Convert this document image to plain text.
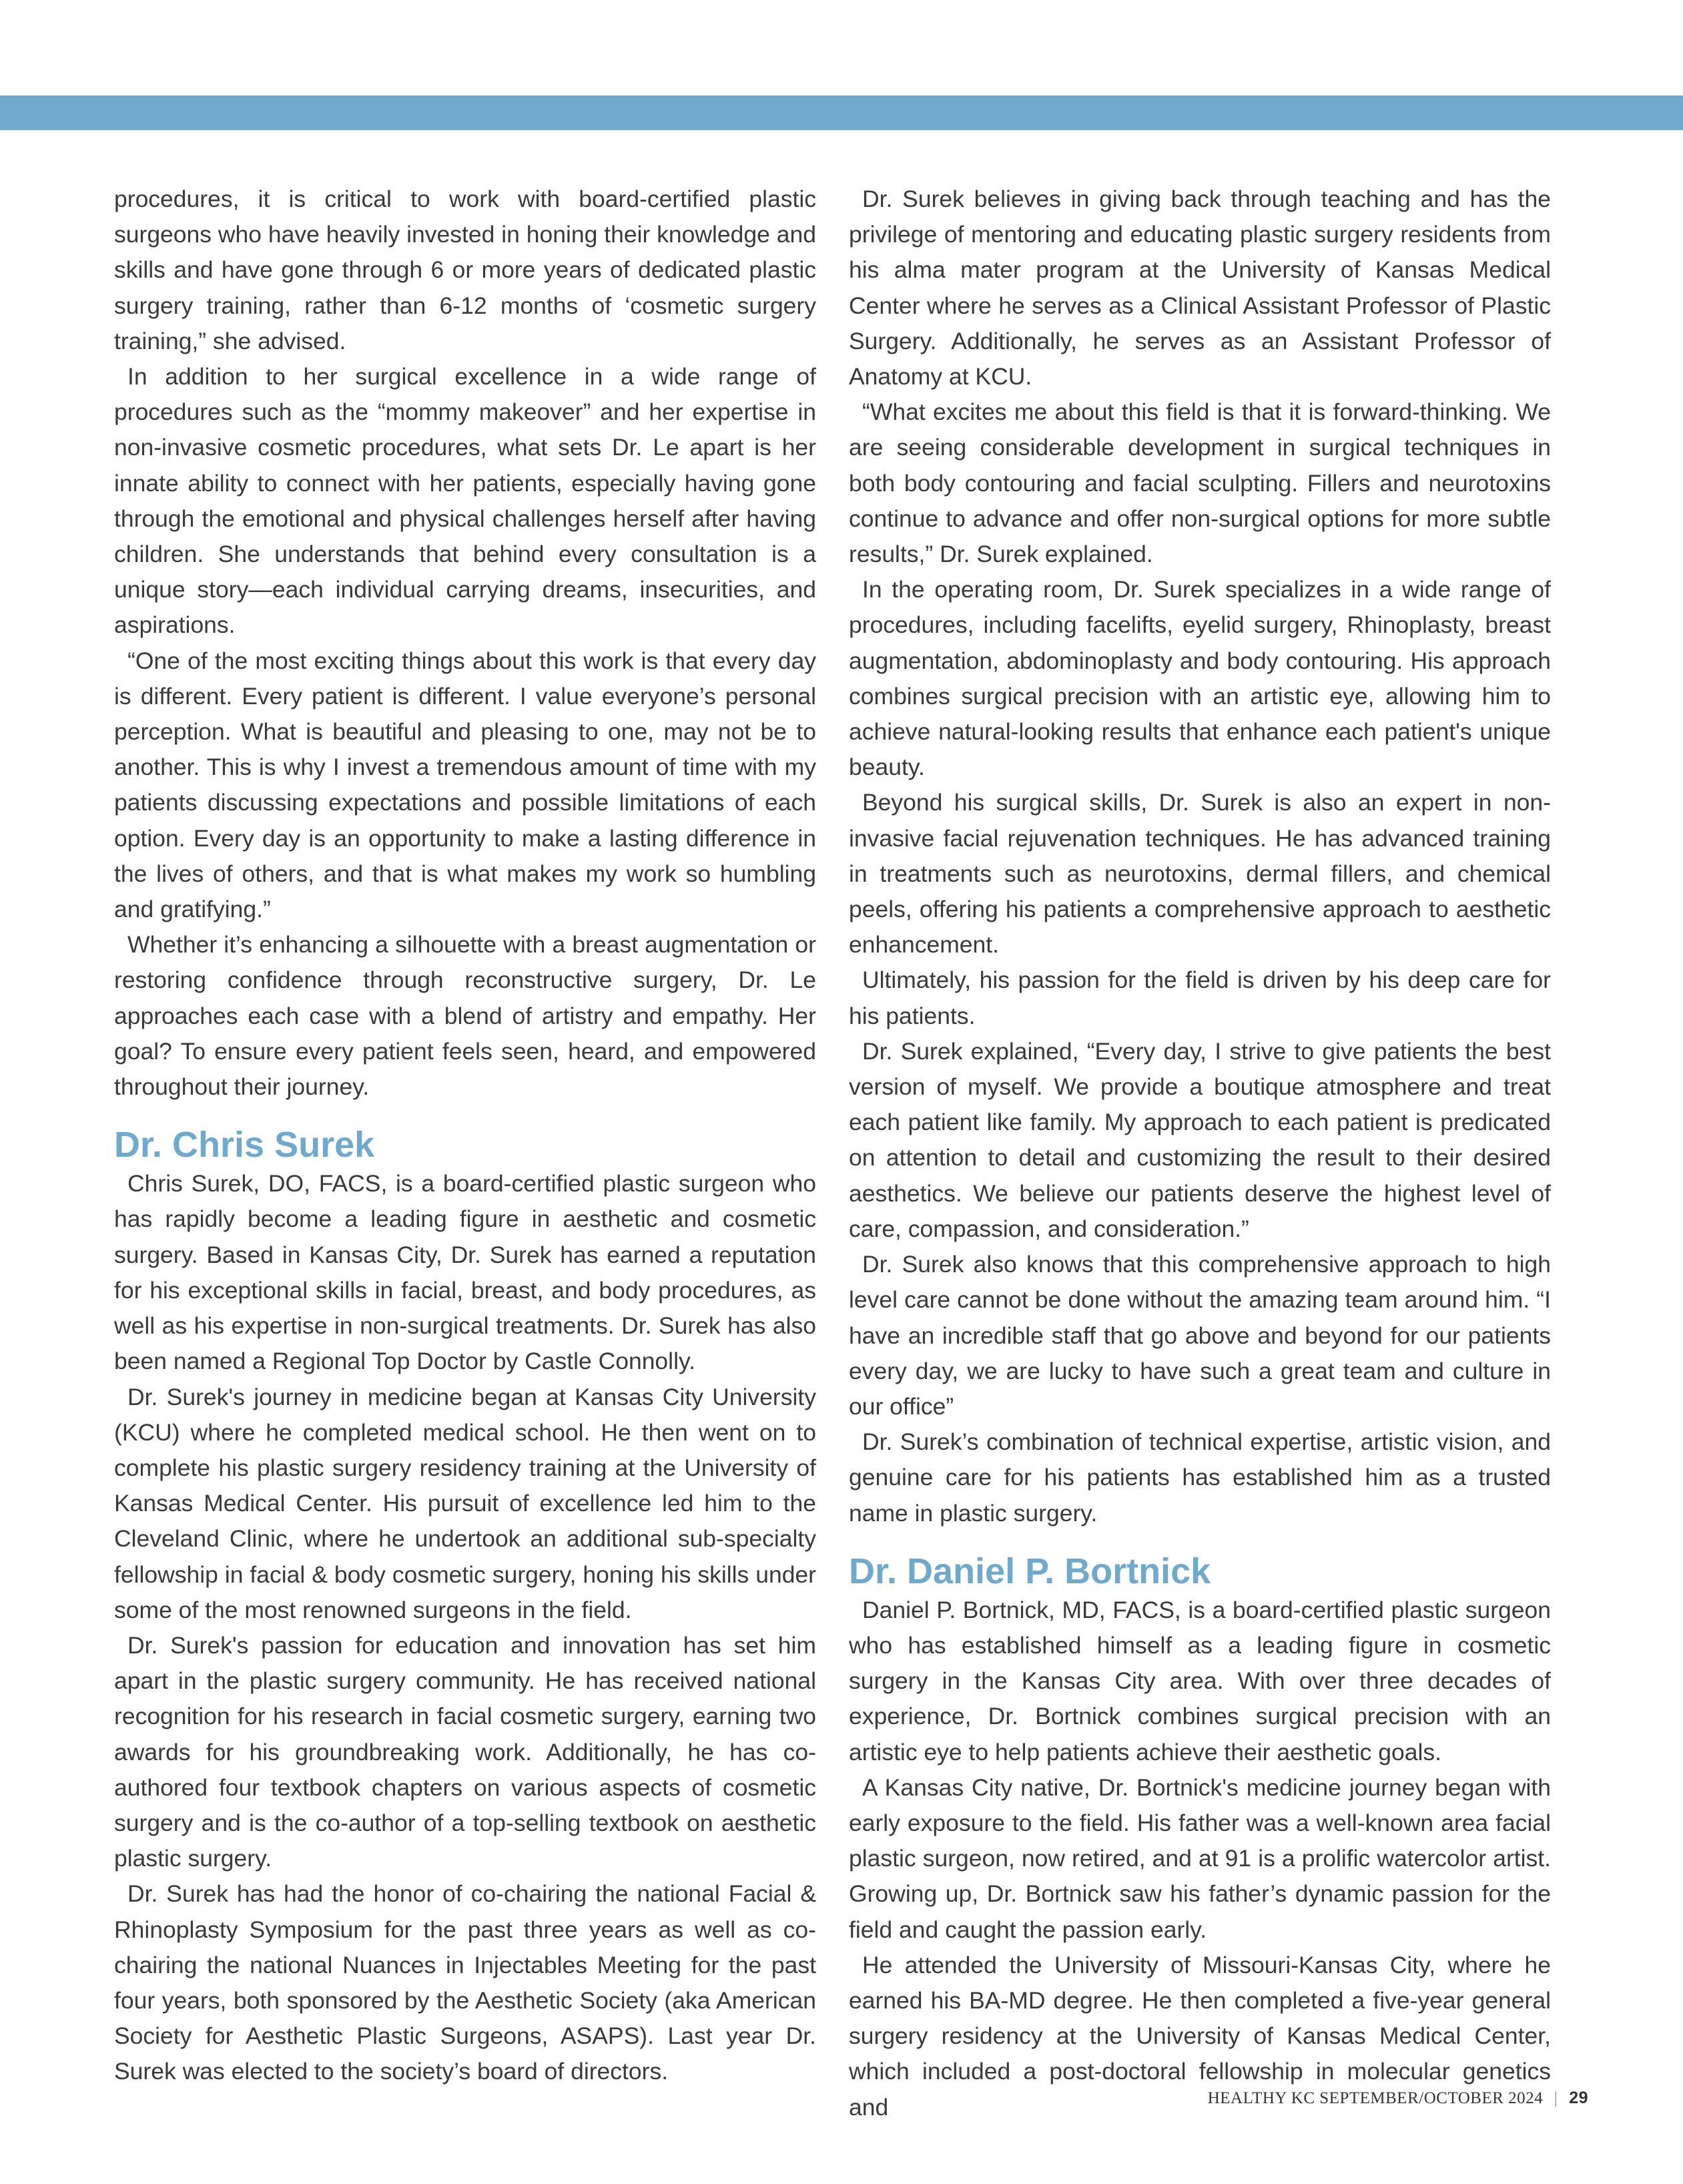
procedures, it is critical to work with board-certified plastic surgeons who have heavily invested in honing their knowledge and skills and have gone through 6 or more years of dedicated plastic surgery training, rather than 6-12 months of ‘cosmetic surgery training,” she advised.

In addition to her surgical excellence in a wide range of procedures such as the “mommy makeover” and her expertise in non-invasive cosmetic procedures, what sets Dr. Le apart is her innate ability to connect with her patients, especially having gone through the emotional and physical challenges herself after having children. She understands that behind every consultation is a unique story—each individual carrying dreams, insecurities, and aspirations.

“One of the most exciting things about this work is that every day is different. Every patient is different. I value everyone’s personal perception. What is beautiful and pleasing to one, may not be to another. This is why I invest a tremendous amount of time with my patients discussing expectations and possible limitations of each option. Every day is an opportunity to make a lasting difference in the lives of others, and that is what makes my work so humbling and gratifying.”

Whether it’s enhancing a silhouette with a breast augmentation or restoring confidence through reconstructive surgery, Dr. Le approaches each case with a blend of artistry and empathy. Her goal? To ensure every patient feels seen, heard, and empowered throughout their journey.

Dr. Chris Surek

Chris Surek, DO, FACS, is a board-certified plastic surgeon who has rapidly become a leading figure in aesthetic and cosmetic surgery. Based in Kansas City, Dr. Surek has earned a reputation for his exceptional skills in facial, breast, and body procedures, as well as his expertise in non-surgical treatments. Dr. Surek has also been named a Regional Top Doctor by Castle Connolly.

Dr. Surek's journey in medicine began at Kansas City University (KCU) where he completed medical school. He then went on to complete his plastic surgery residency training at the University of Kansas Medical Center. His pursuit of excellence led him to the Cleveland Clinic, where he undertook an additional sub-specialty fellowship in facial & body cosmetic surgery, honing his skills under some of the most renowned surgeons in the field.

Dr. Surek's passion for education and innovation has set him apart in the plastic surgery community. He has received national recognition for his research in facial cosmetic surgery, earning two awards for his groundbreaking work. Additionally, he has co-authored four textbook chapters on various aspects of cosmetic surgery and is the co-author of a top-selling textbook on aesthetic plastic surgery.

Dr. Surek has had the honor of co-chairing the national Facial & Rhinoplasty Symposium for the past three years as well as co-chairing the national Nuances in Injectables Meeting for the past four years, both sponsored by the Aesthetic Society (aka American Society for Aesthetic Plastic Surgeons, ASAPS). Last year Dr. Surek was elected to the society’s board of directors.

Dr. Surek believes in giving back through teaching and has the privilege of mentoring and educating plastic surgery residents from his alma mater program at the University of Kansas Medical Center where he serves as a Clinical Assistant Professor of Plastic Surgery. Additionally, he serves as an Assistant Professor of Anatomy at KCU.

“What excites me about this field is that it is forward-thinking. We are seeing considerable development in surgical techniques in both body contouring and facial sculpting. Fillers and neurotoxins continue to advance and offer non-surgical options for more subtle results,” Dr. Surek explained.

In the operating room, Dr. Surek specializes in a wide range of procedures, including facelifts, eyelid surgery, Rhinoplasty, breast augmentation, abdominoplasty and body contouring. His approach combines surgical precision with an artistic eye, allowing him to achieve natural-looking results that enhance each patient's unique beauty.

Beyond his surgical skills, Dr. Surek is also an expert in non-invasive facial rejuvenation techniques. He has advanced training in treatments such as neurotoxins, dermal fillers, and chemical peels, offering his patients a comprehensive approach to aesthetic enhancement.

Ultimately, his passion for the field is driven by his deep care for his patients.

Dr. Surek explained, “Every day, I strive to give patients the best version of myself. We provide a boutique atmosphere and treat each patient like family. My approach to each patient is predicated on attention to detail and customizing the result to their desired aesthetics. We believe our patients deserve the highest level of care, compassion, and consideration.”

Dr. Surek also knows that this comprehensive approach to high level care cannot be done without the amazing team around him. “I have an incredible staff that go above and beyond for our patients every day, we are lucky to have such a great team and culture in our office”

Dr. Surek’s combination of technical expertise, artistic vision, and genuine care for his patients has established him as a trusted name in plastic surgery.

Dr. Daniel P. Bortnick

Daniel P. Bortnick, MD, FACS, is a board-certified plastic surgeon who has established himself as a leading figure in cosmetic surgery in the Kansas City area. With over three decades of experience, Dr. Bortnick combines surgical precision with an artistic eye to help patients achieve their aesthetic goals.

A Kansas City native, Dr. Bortnick's medicine journey began with early exposure to the field. His father was a well-known area facial plastic surgeon, now retired, and at 91 is a prolific watercolor artist. Growing up, Dr. Bortnick saw his father’s dynamic passion for the field and caught the passion early.

He attended the University of Missouri-Kansas City, where he earned his BA-MD degree. He then completed a five-year general surgery residency at the University of Kansas Medical Center, which included a post-doctoral fellowship in molecular genetics and	HEALTHY KC SEPTEMBER/OCTOBER 2024 | 29
